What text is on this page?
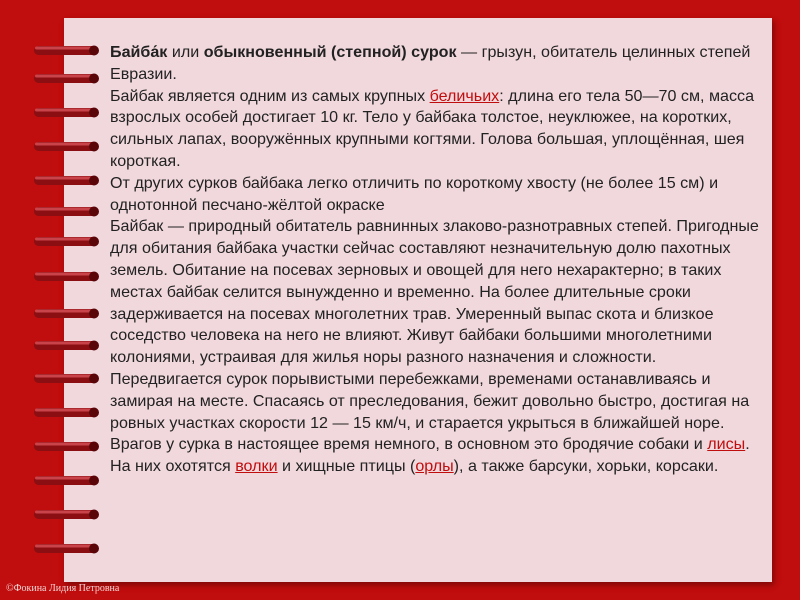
Байба́к или обыкновенный (степной) сурок — грызун, обитатель целинных степей Евразии.

Байбак является одним из самых крупных беличьих: длина его тела 50—70 см, масса взрослых особей достигает 10 кг. Тело у байбака толстое, неуклюжее, на коротких, сильных лапах, вооружённых крупными когтями. Голова большая, уплощённая, шея короткая.

От других сурков байбака легко отличить по короткому хвосту (не более 15 см) и однотонной песчано-жёлтой окраске

Байбак — природный обитатель равнинных злаково-разнотравных степей. Пригодные для обитания байбака участки сейчас составляют незначительную долю пахотных земель. Обитание на посевах зерновых и овощей для него нехарактерно; в таких местах байбак селится вынужденно и временно. На более длительные сроки задерживается на посевах многолетних трав. Умеренный выпас скота и близкое соседство человека на него не влияют. Живут байбаки большими многолетними колониями, устраивая для жилья норы разного назначения и сложности. Передвигается сурок порывистыми перебежками, временами останавливаясь и замирая на месте. Спасаясь от преследования, бежит довольно быстро, достигая на ровных участках скорости 12 — 15 км/ч, и старается укрыться в ближайшей норе. Врагов у сурка в настоящее время немного, в основном это бродячие собаки и лисы. На них охотятся волки и хищные птицы (орлы), а также барсуки, хорьки, корсаки.

©Фокина Лидия Петровна
